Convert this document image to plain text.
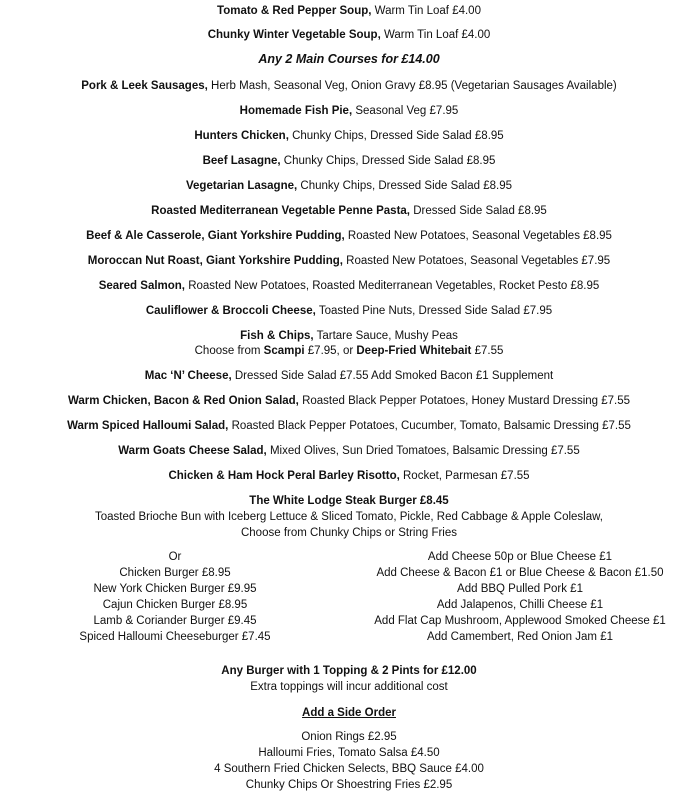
Tomato & Red Pepper Soup, Warm Tin Loaf £4.00
Chunky Winter Vegetable Soup, Warm Tin Loaf £4.00
Any 2 Main Courses for £14.00
Pork & Leek Sausages, Herb Mash, Seasonal Veg, Onion Gravy £8.95 (Vegetarian Sausages Available)
Homemade Fish Pie, Seasonal Veg £7.95
Hunters Chicken, Chunky Chips, Dressed Side Salad £8.95
Beef Lasagne, Chunky Chips, Dressed Side Salad £8.95
Vegetarian Lasagne, Chunky Chips, Dressed Side Salad £8.95
Roasted Mediterranean Vegetable Penne Pasta, Dressed Side Salad £8.95
Beef & Ale Casserole, Giant Yorkshire Pudding, Roasted New Potatoes, Seasonal Vegetables £8.95
Moroccan Nut Roast, Giant Yorkshire Pudding, Roasted New Potatoes, Seasonal Vegetables £7.95
Seared Salmon, Roasted New Potatoes, Roasted Mediterranean Vegetables, Rocket Pesto £8.95
Cauliflower & Broccoli Cheese, Toasted Pine Nuts, Dressed Side Salad £7.95
Fish & Chips, Tartare Sauce, Mushy Peas
Choose from Scampi £7.95, or Deep-Fried Whitebait £7.55
Mac ‘N’ Cheese, Dressed Side Salad £7.55 Add Smoked Bacon £1 Supplement
Warm Chicken, Bacon & Red Onion Salad, Roasted Black Pepper Potatoes, Honey Mustard Dressing £7.55
Warm Spiced Halloumi Salad, Roasted Black Pepper Potatoes, Cucumber, Tomato, Balsamic Dressing £7.55
Warm Goats Cheese Salad, Mixed Olives, Sun Dried Tomatoes, Balsamic Dressing £7.55
Chicken & Ham Hock Peral Barley Risotto, Rocket, Parmesan £7.55
The White Lodge Steak Burger £8.45
Toasted Brioche Bun with Iceberg Lettuce & Sliced Tomato, Pickle, Red Cabbage & Apple Coleslaw,
Choose from Chunky Chips or String Fries
Or
Chicken Burger £8.95
New York Chicken Burger £9.95
Cajun Chicken Burger £8.95
Lamb & Coriander Burger £9.45
Spiced Halloumi Cheeseburger £7.45
Add Cheese 50p or Blue Cheese £1
Add Cheese & Bacon £1 or Blue Cheese & Bacon £1.50
Add BBQ Pulled Pork £1
Add Jalapenos, Chilli Cheese £1
Add Flat Cap Mushroom, Applewood Smoked Cheese £1
Add Camembert, Red Onion Jam £1
Any Burger with 1 Topping & 2 Pints for £12.00
Extra toppings will incur additional cost
Add a Side Order
Onion Rings £2.95
Halloumi Fries, Tomato Salsa £4.50
4 Southern Fried Chicken Selects, BBQ Sauce £4.00
Chunky Chips Or Shoestring Fries £2.95
